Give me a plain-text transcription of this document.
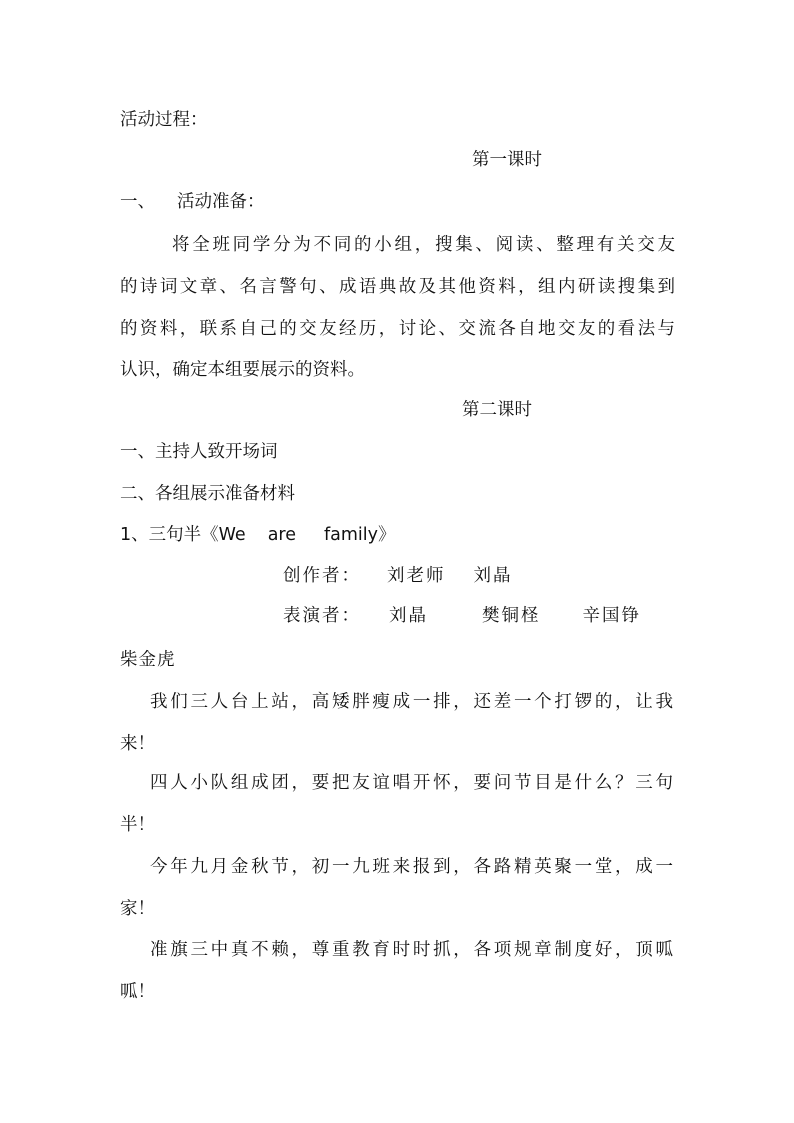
活动过程：
第一课时
一、 活动准备：
将全班同学分为不同的小组，搜集、阅读、整理有关交友
的诗词文章、名言警句、成语典故及其他资料，组内研读搜集到
的资料，联系自己的交友经历，讨论、交流各自地交友的看法与
认识，确定本组要展示的资料。
第二课时
一、主持人致开场词
二、各组展示准备材料
1、三句半《We are family》
创作者： 刘老师 刘晶
表演者： 刘晶	樊铜柽 辛国铮
柴金虎
我们三人台上站，高矮胖瘦成一排，还差一个打锣的，让我
来！
四人小队组成团，要把友谊唱开怀，要问节目是什么？三句
半！
今年九月金秋节，初一九班来报到，各路精英聚一堂，成一
家！
准旗三中真不赖，尊重教育时时抓，各项规章制度好，顶呱
呱！
